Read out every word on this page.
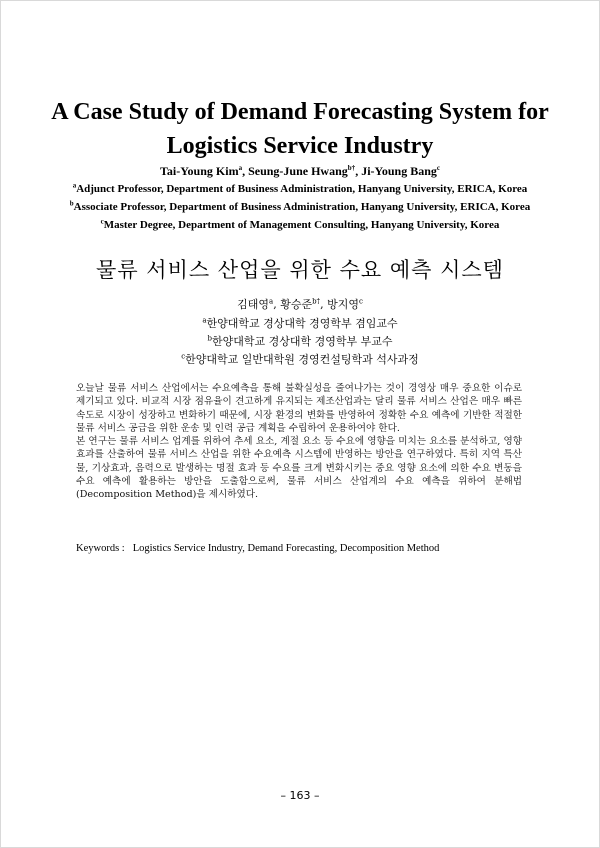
A Case Study of Demand Forecasting System for
Logistics Service Industry
Tai-Young Kim$^a$, Seung-June Hwang$^{b\dagger}$, Ji-Young Bang$^c$
$^a$Adjunct Professor, Department of Business Administration, Hanyang University, ERICA, Korea
$^b$Associate Professor, Department of Business Administration, Hanyang University, ERICA, Korea
$^c$Master Degree, Department of Management Consulting, Hanyang University, Korea
물류 서비스 산업을 위한 수요 예측 시스템
김태영$^a$, 황승준$^{b\dagger}$, 방지영$^c$
$^a$한양대학교 경상대학 경영학부 겸임교수
$^b$한양대학교 경상대학 경영학부 부교수
$^c$한양대학교 일반대학원 경영컨설팅학과 석사과정

오늘날 물류 서비스 산업에서는 수요예측을 통해 불확실성을 줄여나가는 것이 경영상 매우 중요한 이슈로 제기되고 있다. 비교적 시장 점유율이 견고하게 유지되는 제조산업과는 달리 물류 서비스 산업은 매우 빠른 속도로 시장이 성장하고 변화하기 때문에, 시장 환경의 변화를 반영하여 정확한 수요 예측에 기반한 적절한 물류 서비스 공급을 위한 운송 및 인력 공급 계획을 수립하여 운용하여야 한다.

본 연구는 물류 서비스 업계를 위하여 추세 요소, 계절 요소 등 수요에 영향을 미치는 요소를 분석하고, 영향 효과를 산출하여 물류 서비스 산업을 위한 수요예측 시스템에 반영하는 방안을 연구하였다. 특히 지역 특산물, 기상효과, 음력으로 발생하는 명절 효과 등 수요를 크게 변화시키는 중요 영향 요소에 의한 수요 변동을 수요 예측에 활용하는 방안을 도출함으로써, 물류 서비스 산업계의 수요 예측을 위하여 분해법(Decomposition Method)을 제시하였다.

Keywords : Logistics Service Industry, Demand Forecasting, Decomposition Method
– 163 –
